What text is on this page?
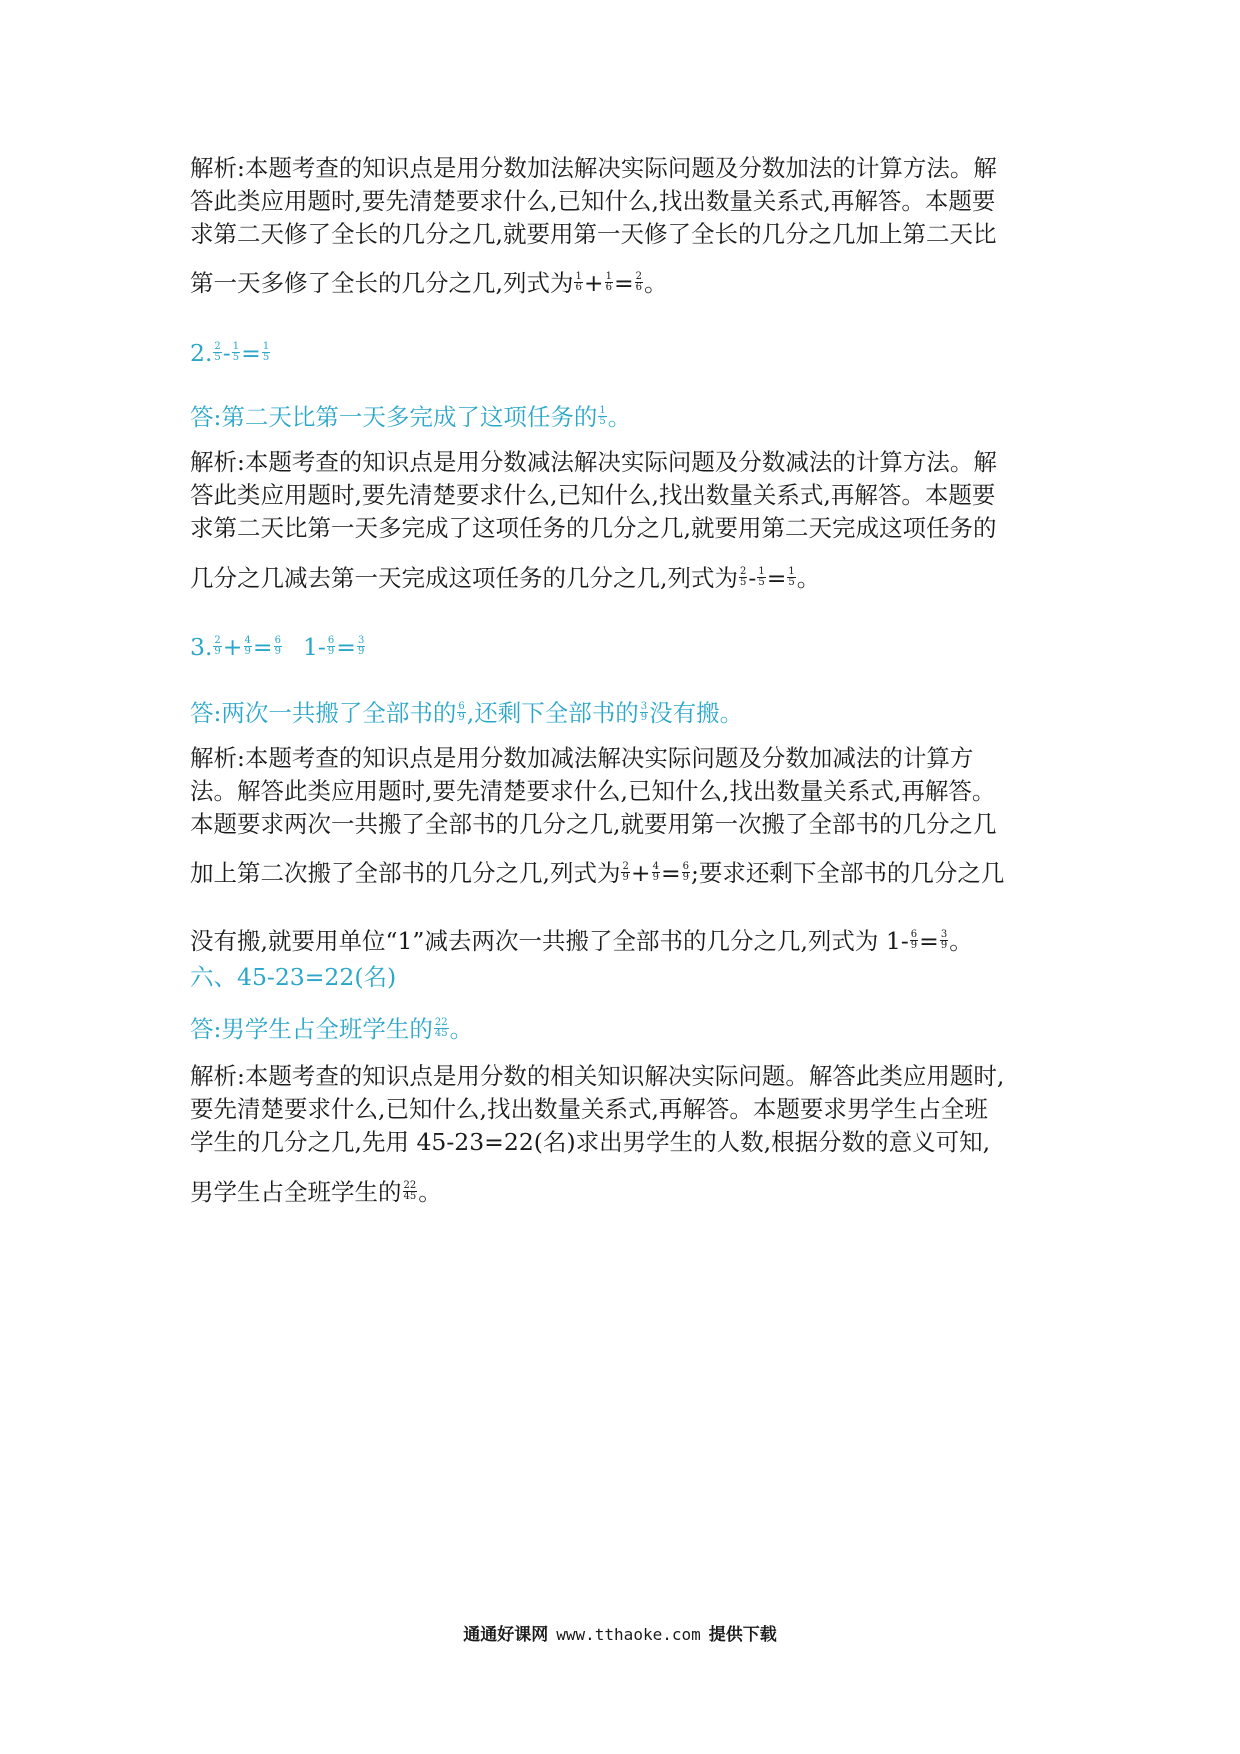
解析:本题考查的知识点是用分数加法解决实际问题及分数加法的计算方法。解
答此类应用题时,要先清楚要求什么,已知什么,找出数量关系式,再解答。本题要
求第二天修了全长的几分之几,就要用第一天修了全长的几分之几加上第二天比
第一天多修了全长的几分之几,列式为 $\frac{1}{6} + \frac{1}{6} = \frac{2}{6}$ 。
2. $\frac{2}{5} - \frac{1}{5} = \frac{1}{5}$
答:第二天比第一天多完成了这项任务的 $\frac{1}{5}$ 。
解析:本题考查的知识点是用分数减法解决实际问题及分数减法的计算方法。解
答此类应用题时,要先清楚要求什么,已知什么,找出数量关系式,再解答。本题要
求第二天比第一天多完成了这项任务的几分之几,就要用第二天完成这项任务的
几分之几减去第一天完成这项任务的几分之几,列式为 $\frac{2}{5} - \frac{1}{5} = \frac{1}{5}$ 。
3. $\frac{2}{9} + \frac{4}{9} = \frac{6}{9} 1- \frac{6}{9} = \frac{3}{9}$
答:两次一共搬了全部书的 $\frac{6}{9}$ ,还剩下全部书的 $\frac{3}{9}$ 没有搬。
解析:本题考查的知识点是用分数加减法解决实际问题及分数加减法的计算方
法。解答此类应用题时,要先清楚要求什么,已知什么,找出数量关系式,再解答。
本题要求两次一共搬了全部书的几分之几,就要用第一次搬了全部书的几分之几
加上第二次搬了全部书的几分之几,列式为 $\frac{2}{9} + \frac{4}{9} = \frac{6}{9}$ ;要求还剩下全部书的几分之几
没有搬,就要用单位“1”减去两次一共搬了全部书的几分之几,列式为 $1- \frac{6}{9} = \frac{3}{9}$ 。
六、45-23=22(名)
答:男学生占全班学生的 $\frac{22}{45}$ 。
解析:本题考查的知识点是用分数的相关知识解决实际问题。解答此类应用题时,
要先清楚要求什么,已知什么,找出数量关系式,再解答。本题要求男学生占全班
学生的几分之几,先用 45-23=22(名)求出男学生的人数,根据分数的意义可知,
男学生占全班学生的 $\frac{22}{45}$ 。
通通好课网 www.tthaoke.com 提供下载
